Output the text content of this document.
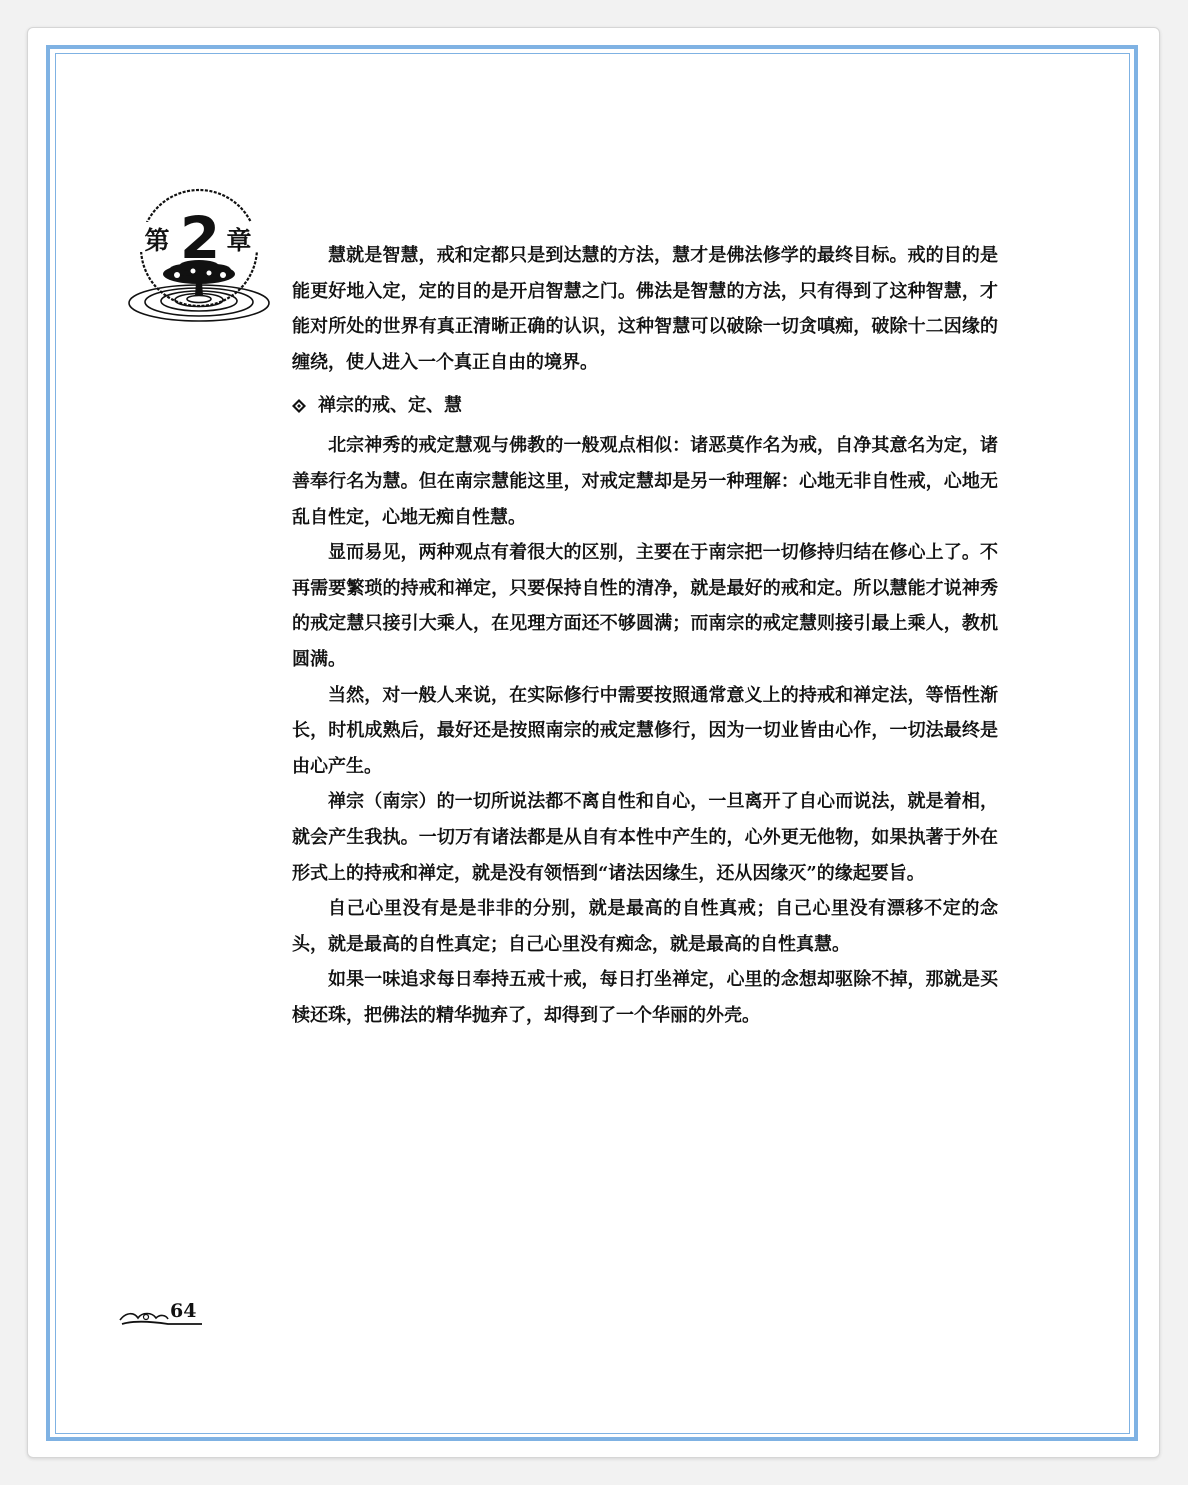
第 2 章

慧就是智慧，戒和定都只是到达慧的方法，慧才是佛法修学的最终目标。戒的目的是能更好地入定，定的目的是开启智慧之门。佛法是智慧的方法，只有得到了这种智慧，才能对所处的世界有真正清晰正确的认识，这种智慧可以破除一切贪嗔痴，破除十二因缘的缠绕，使人进入一个真正自由的境界。

禅宗的戒、定、慧

北宗神秀的戒定慧观与佛教的一般观点相似：诸恶莫作名为戒，自净其意名为定，诸善奉行名为慧。但在南宗慧能这里，对戒定慧却是另一种理解：心地无非自性戒，心地无乱自性定，心地无痴自性慧。

显而易见，两种观点有着很大的区别，主要在于南宗把一切修持归结在修心上了。不再需要繁琐的持戒和禅定，只要保持自性的清净，就是最好的戒和定。所以慧能才说神秀的戒定慧只接引大乘人，在见理方面还不够圆满；而南宗的戒定慧则接引最上乘人，教机圆满。

当然，对一般人来说，在实际修行中需要按照通常意义上的持戒和禅定法，等悟性渐长，时机成熟后，最好还是按照南宗的戒定慧修行，因为一切业皆由心作，一切法最终是由心产生。

禅宗（南宗）的一切所说法都不离自性和自心，一旦离开了自心而说法，就是着相，就会产生我执。一切万有诸法都是从自有本性中产生的，心外更无他物，如果执著于外在形式上的持戒和禅定，就是没有领悟到“诸法因缘生，还从因缘灭”的缘起要旨。

自己心里没有是是非非的分别，就是最高的自性真戒；自己心里没有漂移不定的念头，就是最高的自性真定；自己心里没有痴念，就是最高的自性真慧。

如果一味追求每日奉持五戒十戒，每日打坐禅定，心里的念想却驱除不掉，那就是买椟还珠，把佛法的精华抛弃了，却得到了一个华丽的外壳。

64
